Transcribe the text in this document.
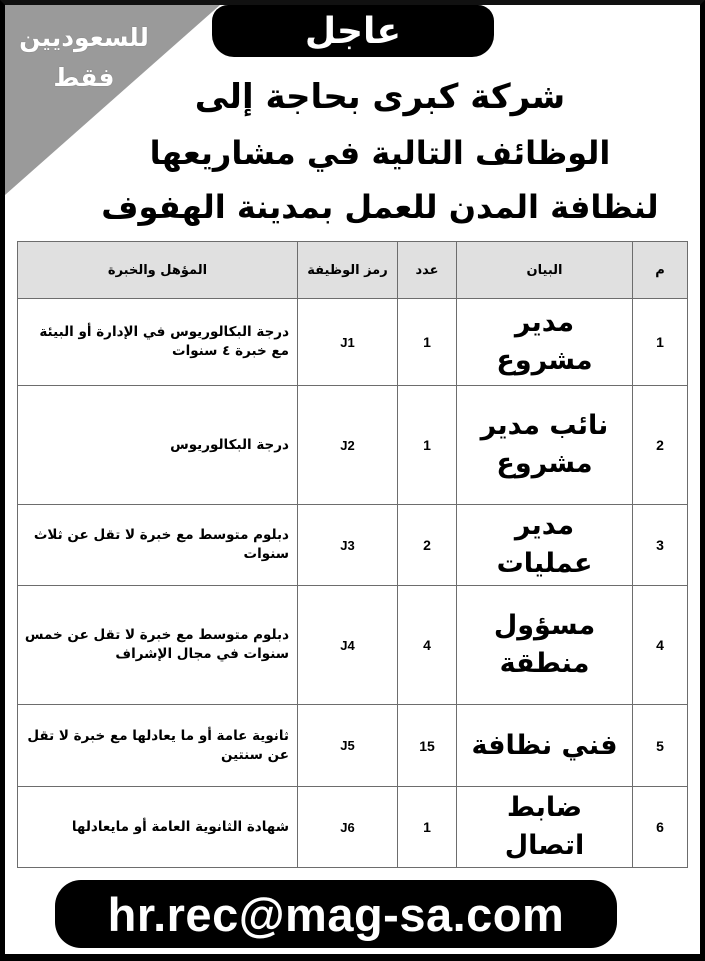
للسعوديين
فقط
عاجل
شركة كبرى بحاجة إلى
الوظائف التالية في مشاريعها
لنظافة المدن للعمل بمدينة الهفوف
م	البيان	عدد	رمز الوظيفة	المؤهل والخبرة
1	مدير مشروع	1	J1	درجة البكالوريوس في الإدارة أو البيئة مع خبرة ٤ سنوات
2	نائب مدير مشروع	1	J2	درجة البكالوريوس
3	مدير عمليات	2	J3	دبلوم متوسط مع خبرة لا تقل عن ثلاث سنوات
4	مسؤول منطقة	4	J4	دبلوم متوسط مع خبرة لا تقل عن خمس سنوات في مجال الإشراف
5	فني نظافة	15	J5	ثانوية عامة أو ما يعادلها مع خبرة لا تقل عن سنتين
6	ضابط اتصال	1	J6	شهادة الثانوية العامة أو مايعادلها
hr.rec@mag-sa.com
